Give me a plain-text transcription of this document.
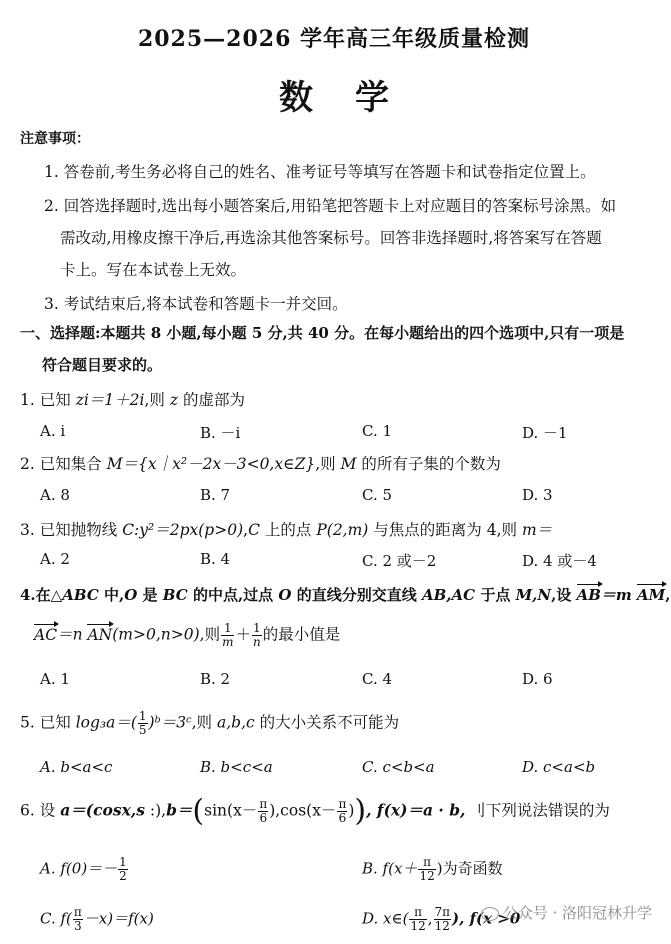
2025—2026 学年高三年级质量检测
数学
注意事项：
1. 答卷前,考生务必将自己的姓名、准考证号等填写在答题卡和试卷指定位置上。
2. 回答选择题时,选出每小题答案后,用铅笔把答题卡上对应题目的答案标号涂黑。如
需改动,用橡皮擦干净后,再选涂其他答案标号。回答非选择题时,将答案写在答题
卡上。写在本试卷上无效。
3. 考试结束后,将本试卷和答题卡一并交回。
一、选择题:本题共 8 小题,每小题 5 分,共 40 分。在每小题给出的四个选项中,只有一项是
符合题目要求的。
1. 已知 zi＝1＋2i,则 z 的虚部为
A. i	B. －i	C. 1	D. －1
2. 已知集合 M＝{x｜x²－2x－3<0,x∈Z},则 M 的所有子集的个数为
A. 8	B. 7	C. 5	D. 3
3. 已知抛物线 C:y²＝2px(p>0),C 上的点 P(2,m) 与焦点的距离为 4,则 m＝
A. 2	B. 4	C. 2 或－2	D. 4 或－4
4.在△ABC 中,O 是 BC 的中点,过点 O 的直线分别交直线 AB,AC 于点 M,N,设 AB＝m AM,
AC＝n AN(m>0,n>0),则 $\frac{1}{m} + \frac{1}{n}$ 的最小值是
A. 1	B. 2	C. 4	D. 6
5. 已知 $\log_3a=( \frac{1}{5}$ )ᵇ＝3ᶜ,则 a,b,c 的大小关系不可能为
A. b<a<c	B. b<c<a	C. c<b<a	D. c<a<b
6. 设 a＝(cosx,s :),b＝(sin(x－ $\frac{\pi}{6} ),\cos(x- \frac{\pi}{6}$ )), f(x)＝a · b, 刂下列说法错误的为
A. $f(0)=- \frac{1}{2}$	B. $f(x+ \frac{\pi}{12}$ )为奇函数
C. $f( \frac{\pi}{3} -x)=f(x)$	D. x∈( $\frac{\pi}{12}$ , $\frac{7\pi}{12}$ ), f(x >0
公众号 · 洛阳冠林升学
